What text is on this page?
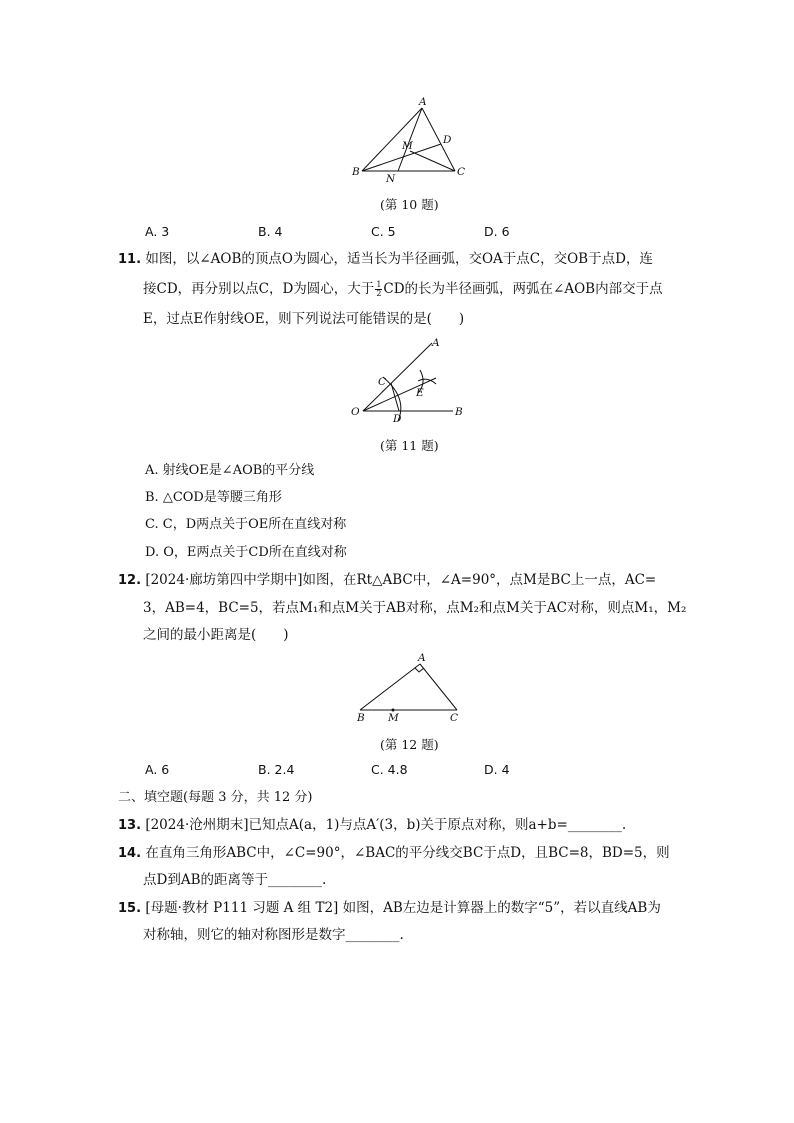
A
B	C
D
M
N
(第 10 题)
A. 3	B. 4	C. 5	D. 6
11. 如图，以∠AOB的顶点O为圆心，适当长为半径画弧，交OA于点C，交OB于点D，连
接CD，再分别以点C，D为圆心，大于 $\frac{1}{2}$ CD的长为半径画弧，两弧在∠AOB内部交于点
E，过点E作射线OE，则下列说法可能错误的是(　　)
A
B
C
D
E
O
(第 11 题)
A. 射线OE是∠AOB的平分线
B. △COD是等腰三角形
C. C，D两点关于OE所在直线对称
D. O，E两点关于CD所在直线对称
12. [2024·廊坊第四中学期中]如图，在Rt△ABC中，∠A=90°，点M是BC上一点，AC=
3，AB=4，BC=5，若点M₁和点M关于AB对称，点M₂和点M关于AC对称，则点M₁，M₂
之间的最小距离是(　　)
A
B	C
M
(第 12 题)
A. 6	B. 2.4	C. 4.8	D. 4
二、填空题(每题 3 分，共 12 分)
13. [2024·沧州期末]已知点A(a，1)与点A′(3，b)关于原点对称，则a+b=________.
14. 在直角三角形ABC中，∠C=90°，∠BAC的平分线交BC于点D，且BC=8，BD=5，则
点D到AB的距离等于________.
15. [母题·教材 P111 习题 A 组 T2] 如图，AB左边是计算器上的数字“5”，若以直线AB为
对称轴，则它的轴对称图形是数字________.
